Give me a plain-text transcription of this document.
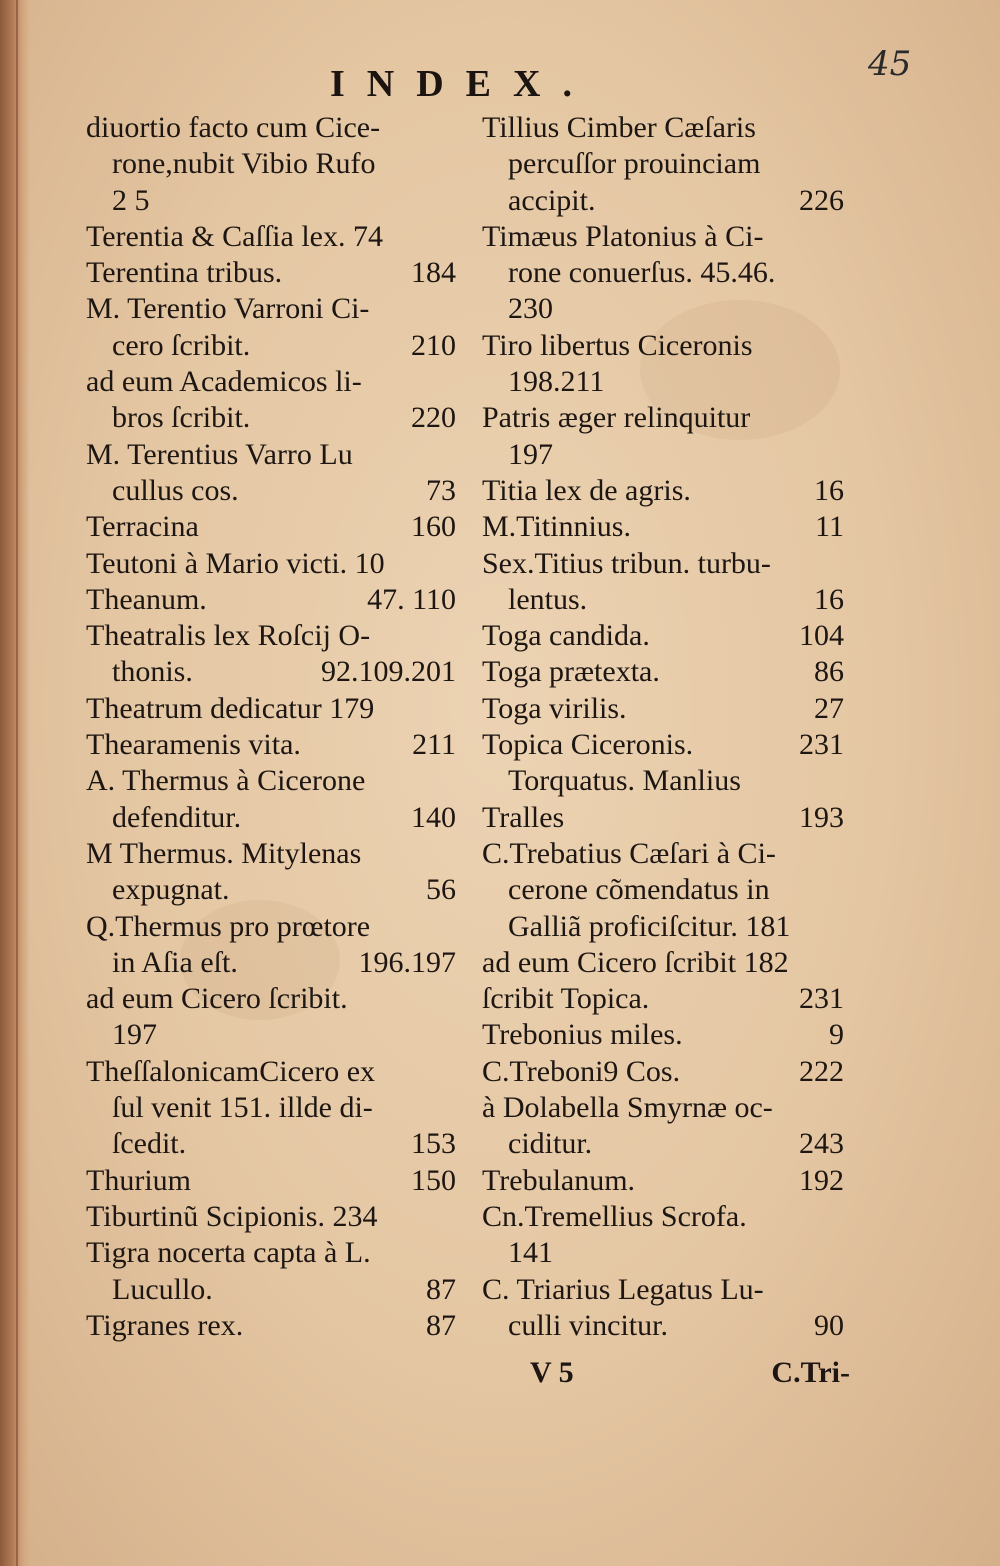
45
INDEX.
diuortio facto cum Cice-
rone,nubit Vibio Rufo
2 5
Terentia & Caſſia lex. 74
Terentina tribus.	184
M. Terentio Varroni Ci-
cero ſcribit.	210
ad eum Academicos li-
bros ſcribit.	220
M. Terentius Varro Lu
cullus cos.	73
Terracina	160
Teutoni à Mario victi. 10
Theanum.	47. 110
Theatralis lex Roſcij O-
thonis.	92.109.201
Theatrum dedicatur 179
Thearamenis vita.	211
A. Thermus à Cicerone
defenditur.	140
M Thermus. Mitylenas
expugnat.	56
Q.Thermus pro prœtore
in Aſia eſt.	196.197
ad eum Cicero ſcribit.
197
TheſſalonicamCicero ex
ſul venit 151. illde di-
ſcedit.	153
Thurium	150
Tiburtinũ Scipionis. 234
Tigra nocerta capta à L.
Lucullo.	87
Tigranes rex.	87
Tillius Cimber Cæſaris
percuſſor prouinciam
accipit.	226
Timæus Platonius à Ci-
rone conuerſus. 45.46.
230
Tiro libertus Ciceronis
198.211
Patris æger relinquitur
197
Titia lex de agris.	16
M.Titinnius.	11
Sex.Titius tribun. turbu-
lentus.	16
Toga candida.	104
Toga prætexta.	86
Toga virilis.	27
Topica Ciceronis.	231
Torquatus. Manlius
Tralles	193
C.Trebatius Cæſari à Ci-
cerone cõmendatus in
Galliã proficiſcitur. 181
ad eum Cicero ſcribit 182
ſcribit Topica.	231
Trebonius miles.	9
C.Treboni9 Cos.	222
à Dolabella Smyrnæ oc-
ciditur.	243
Trebulanum.	192
Cn.Tremellius Scrofa.
141
C. Triarius Legatus Lu-
culli vincitur.	90
V 5	C.Tri-
